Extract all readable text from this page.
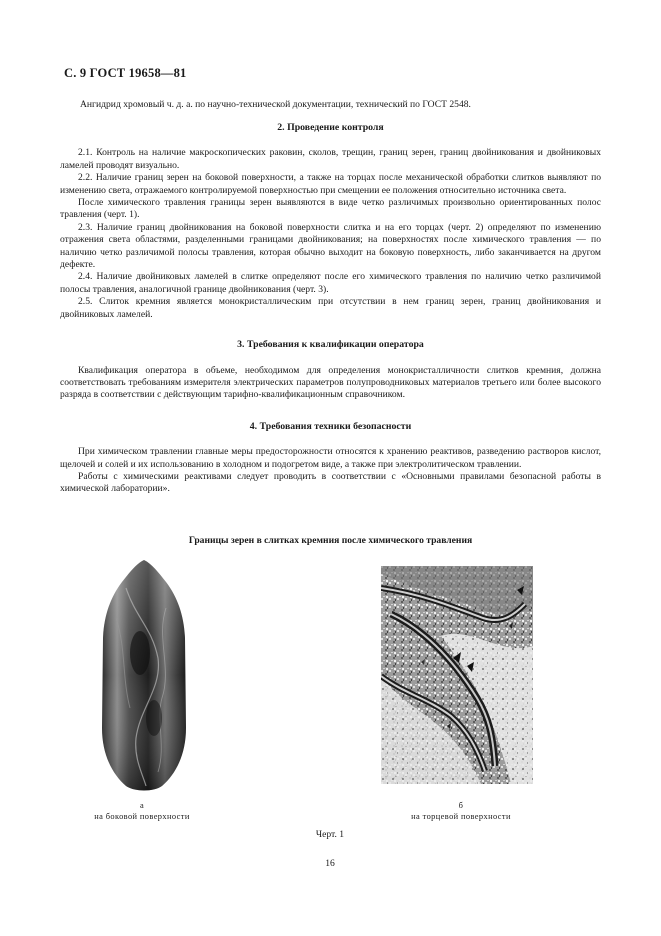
С. 9 ГОСТ 19658—81
Ангидрид хромовый ч. д. а. по научно-технической документации, технический по ГОСТ 2548.
2. Проведение контроля

2.1. Контроль на наличие макроскопических раковин, сколов, трещин, границ зерен, границ двойникования и двойниковых ламелей проводят визуально.

2.2. Наличие границ зерен на боковой поверхности, а также на торцах после механической обработки слитков выявляют по изменению света, отражаемого контролируемой поверхностью при смещении ее положения относительно источника света.

После химического травления границы зерен выявляются в виде четко различимых произвольно ориентированных полос травления (черт. 1).

2.3. Наличие границ двойникования на боковой поверхности слитка и на его торцах (черт. 2) определяют по изменению отражения света областями, разделенными границами двойникования; на поверхностях после химического травления — по наличию четко различимой полосы травления, которая обычно выходит на боковую поверхность, либо заканчивается на другом дефекте.

2.4. Наличие двойниковых ламелей в слитке определяют после его химического травления по наличию четко различимой полосы травления, аналогичной границе двойникования (черт. 3).

2.5. Слиток кремния является монокристаллическим при отсутствии в нем границ зерен, границ двойникования и двойниковых ламелей.

3. Требования к квалификации оператора

Квалификация оператора в объеме, необходимом для определения монокристалличности слитков кремния, должна соответствовать требованиям измерителя электрических параметров полупроводниковых материалов третьего или более высокого разряда в соответствии с действующим тарифно-квалификационным справочником.

4. Требования техники безопасности

При химическом травлении главные меры предосторожности относятся к хранению реактивов, разведению растворов кислот, щелочей и солей и их использованию в холодном и подогретом виде, а также при электролитическом травлении.

Работы с химическими реактивами следует проводить в соответствии с «Основными правилами безопасной работы в химической лаборатории».

Границы зерен в слитках кремния после химического травления
а
на боковой поверхности
б
на торцевой поверхности
Черт. 1
16
